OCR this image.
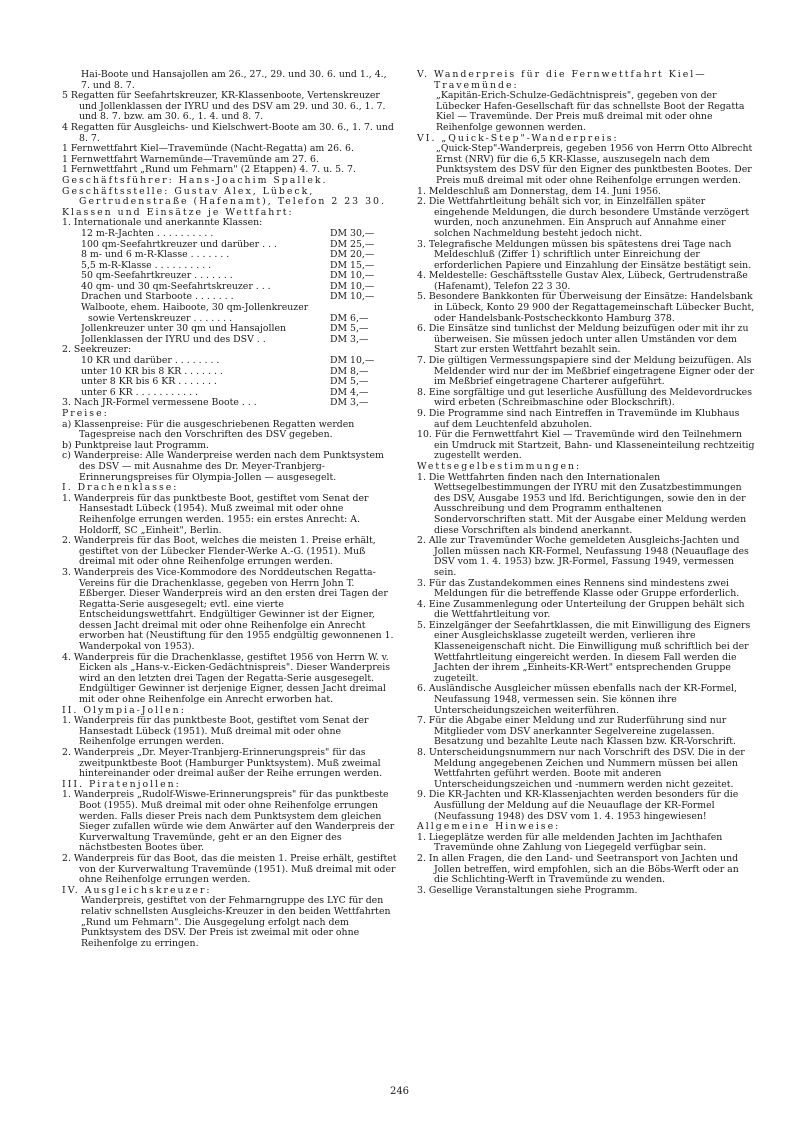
Hai-Boote und Hansajollen am 26., 27., 29. und 30. 6. und 1., 4., 7. und 8. 7.

5 Regatten für Seefahrtskreuzer, KR-Klassenboote, Vertenskreuzer und Jollenklassen der IYRU und des DSV am 29. und 30. 6., 1. 7. und 8. 7. bzw. am 30. 6., 1. 4. und 8. 7.

4 Regatten für Ausgleichs- und Kielschwert-Boote am 30. 6., 1. 7. und 8. 7.

1 Fernwettfahrt Kiel—Travemünde (Nacht-Regatta) am 26. 6.

1 Fernwettfahrt Warnemünde—Travemünde am 27. 6.

1 Fernwettfahrt „Rund um Fehmarn" (2 Etappen) 4. 7. u. 5. 7.

Geschäftsführer: Hans-Joachim Spallek.

Geschäftsstelle: Gustav Alex, Lübeck, Gertrudenstraße (Hafenamt), Telefon 2 23 30.

Klassen und Einsätze je Wettfahrt:

1. Internationale und anerkannte Klassen:

12 m-R-Jachten . . . . . . . . . .	DM 30,—
100 qm-Seefahrtkreuzer und darüber . . .	DM 25,—
8 m- und 6 m-R-Klasse . . . . . . .	DM 20,—
5,5 m-R-Klasse . . . . . . . . . .	DM 15,—
50 qm-Seefahrtkreuzer . . . . . . .	DM 10,—
40 qm- und 30 qm-Seefahrtskreuzer . . .	DM 10,—
Drachen und Starboote . . . . . . .	DM 10,—

Walboote, ehem. Haiboote, 30 qm-Jollenkreuzer

sowie Vertenskreuzer . . . . . . .	DM 6,—
Jollenkreuzer unter 30 qm und Hansajollen	DM 5,—
Jollenklassen der IYRU und des DSV . .	DM 3,—

2. Seekreuzer:

10 KR und darüber . . . . . . . .	DM 10,—
unter 10 KR bis 8 KR . . . . . . .	DM 8,—
unter 8 KR bis 6 KR . . . . . . .	DM 5,—
unter 6 KR . . . . . . . . . . .	DM 4,—
3. Nach JR-Formel vermessene Boote . . .	DM 3,—

Preise:

a) Klassenpreise: Für die ausgeschriebenen Regatten werden Tagespreise nach den Vorschriften des DSV gegeben.

b) Punktpreise laut Programm.

c) Wanderpreise: Alle Wanderpreise werden nach dem Punktsystem des DSV — mit Ausnahme des Dr. Meyer-Tranbjerg-Erinnerungspreises für Olympia-Jollen — ausgesegelt.

I. Drachenklasse:

1. Wanderpreis für das punktbeste Boot, gestiftet vom Senat der Hansestadt Lübeck (1954). Muß zweimal mit oder ohne Reihenfolge errungen werden. 1955: ein erstes Anrecht: A. Holdorff, SC „Einheit", Berlin.

2. Wanderpreis für das Boot, welches die meisten 1. Preise erhält, gestiftet von der Lübecker Flender-Werke A.-G. (1951). Muß dreimal mit oder ohne Reihenfolge errungen werden.

3. Wanderpreis des Vice-Kommodore des Norddeutschen Regatta-Vereins für die Drachenklasse, gegeben von Herrn John T. Eßberger. Dieser Wanderpreis wird an den ersten drei Tagen der Regatta-Serie ausgesegelt; evtl. eine vierte Entscheidungswettfahrt. Endgültiger Gewinner ist der Eigner, dessen Jacht dreimal mit oder ohne Reihenfolge ein Anrecht erworben hat (Neustiftung für den 1955 endgültig gewonnenen 1. Wanderpokal von 1953).

4. Wanderpreis für die Drachenklasse, gestiftet 1956 von Herrn W. v. Eicken als „Hans-v.-Eicken-Gedächtnispreis". Dieser Wanderpreis wird an den letzten drei Tagen der Regatta-Serie ausgesegelt. Endgültiger Gewinner ist derjenige Eigner, dessen Jacht dreimal mit oder ohne Reihenfolge ein Anrecht erworben hat.

II. Olympia-Jollen:

1. Wanderpreis für das punktbeste Boot, gestiftet vom Senat der Hansestadt Lübeck (1951). Muß dreimal mit oder ohne Reihenfolge errungen werden.

2. Wanderpreis „Dr. Meyer-Tranbjerg-Erinnerungspreis" für das zweitpunktbeste Boot (Hamburger Punktsystem). Muß zweimal hintereinander oder dreimal außer der Reihe errungen werden.

III. Piratenjollen:

1. Wanderpreis „Rudolf-Wiswe-Erinnerungspreis" für das punktbeste Boot (1955). Muß dreimal mit oder ohne Reihenfolge errungen werden. Falls dieser Preis nach dem Punktsystem dem gleichen Sieger zufallen würde wie dem Anwärter auf den Wanderpreis der Kurverwaltung Travemünde, geht er an den Eigner des nächstbesten Bootes über.

2. Wanderpreis für das Boot, das die meisten 1. Preise erhält, gestiftet von der Kurverwaltung Travemünde (1951). Muß dreimal mit oder ohne Reihenfolge errungen werden.

IV. Ausgleichskreuzer:

Wanderpreis, gestiftet von der Fehmarngruppe des LYC für den relativ schnellsten Ausgleichs-Kreuzer in den beiden Wettfahrten „Rund um Fehmarn". Die Ausgegelung erfolgt nach dem Punktsystem des DSV. Der Preis ist zweimal mit oder ohne Reihenfolge zu erringen.

V. Wanderpreis für die Fernwettfahrt Kiel—Travemünde:

„Kapitän-Erich-Schulze-Gedächtnispreis", gegeben von der Lübecker Hafen-Gesellschaft für das schnellste Boot der Regatta Kiel — Travemünde. Der Preis muß dreimal mit oder ohne Reihenfolge gewonnen werden.

VI. „Quick-Step"-Wanderpreis:

„Quick-Step"-Wanderpreis, gegeben 1956 von Herrn Otto Albrecht Ernst (NRV) für die 6,5 KR-Klasse, auszusegeln nach dem Punktsystem des DSV für den Eigner des punktbesten Bootes. Der Preis muß dreimal mit oder ohne Reihenfolge errungen werden.

1. Meldeschluß am Donnerstag, dem 14. Juni 1956.

2. Die Wettfahrtleitung behält sich vor, in Einzelfällen später eingehende Meldungen, die durch besondere Umstände verzögert wurden, noch anzunehmen. Ein Anspruch auf Annahme einer solchen Nachmeldung besteht jedoch nicht.

3. Telegrafische Meldungen müssen bis spätestens drei Tage nach Meldeschluß (Ziffer 1) schriftlich unter Einreichung der erforderlichen Papiere und Einzahlung der Einsätze bestätigt sein.

4. Meldestelle: Geschäftsstelle Gustav Alex, Lübeck, Gertrudenstraße (Hafenamt), Telefon 22 3 30.

5. Besondere Bankkonten für Überweisung der Einsätze: Handelsbank in Lübeck, Konto 29 900 der Regattagemeinschaft Lübecker Bucht, oder Handelsbank-Postscheckkonto Hamburg 378.

6. Die Einsätze sind tunlichst der Meldung beizufügen oder mit ihr zu überweisen. Sie müssen jedoch unter allen Umständen vor dem Start zur ersten Wettfahrt bezahlt sein.

7. Die gültigen Vermessungspapiere sind der Meldung beizufügen. Als Meldender wird nur der im Meßbrief eingetragene Eigner oder der im Meßbrief eingetragene Charterer aufgeführt.

8. Eine sorgfältige und gut leserliche Ausfüllung des Meldevordruckes wird erbeten (Schreibmaschine oder Blockschrift).

9. Die Programme sind nach Eintreffen in Travemünde im Klubhaus auf dem Leuchtenfeld abzuholen.

10. Für die Fernwettfahrt Kiel — Travemünde wird den Teilnehmern ein Umdruck mit Startzeit, Bahn- und Klasseneinteilung rechtzeitig zugestellt werden.

Wettsegelbestimmungen:

1. Die Wettfahrten finden nach den Internationalen Wettsegelbestimmungen der IYRU mit den Zusatzbestimmungen des DSV, Ausgabe 1953 und lfd. Berichtigungen, sowie den in der Ausschreibung und dem Programm enthaltenen Sondervorschriften statt. Mit der Ausgabe einer Meldung werden diese Vorschriften als bindend anerkannt.

2. Alle zur Travemünder Woche gemeldeten Ausgleichs-Jachten und Jollen müssen nach KR-Formel, Neufassung 1948 (Neuauflage des DSV vom 1. 4. 1953) bzw. JR-Formel, Fassung 1949, vermessen sein.

3. Für das Zustandekommen eines Rennens sind mindestens zwei Meldungen für die betreffende Klasse oder Gruppe erforderlich.

4. Eine Zusammenlegung oder Unterteilung der Gruppen behält sich die Wettfahrtleitung vor.

5. Einzelgänger der Seefahrtklassen, die mit Einwilligung des Eigners einer Ausgleichsklasse zugeteilt werden, verlieren ihre Klasseneigenschaft nicht. Die Einwilligung muß schriftlich bei der Wettfahrtleitung eingereicht werden. In diesem Fall werden die Jachten der ihrem „Einheits-KR-Wert" entsprechenden Gruppe zugeteilt.

6. Ausländische Ausgleicher müssen ebenfalls nach der KR-Formel, Neufassung 1948, vermessen sein. Sie können ihre Unterscheidungszeichen weiterführen.

7. Für die Abgabe einer Meldung und zur Ruderführung sind nur Mitglieder vom DSV anerkannter Segelvereine zugelassen. Besatzung und bezahlte Leute nach Klassen bzw. KR-Vorschrift.

8. Unterscheidungsnummern nur nach Vorschrift des DSV. Die in der Meldung angegebenen Zeichen und Nummern müssen bei allen Wettfahrten geführt werden. Boote mit anderen Unterscheidungszeichen und -nummern werden nicht gezeitet.

9. Die KR-Jachten und KR-Klassenjachten werden besonders für die Ausfüllung der Meldung auf die Neuauflage der KR-Formel (Neufassung 1948) des DSV vom 1. 4. 1953 hingewiesen!

Allgemeine Hinweise:

1. Liegeplätze werden für alle meldenden Jachten im Jachthafen Travemünde ohne Zahlung von Liegegeld verfügbar sein.

2. In allen Fragen, die den Land- und Seetransport von Jachten und Jollen betreffen, wird empfohlen, sich an die Böbs-Werft oder an die Schlichting-Werft in Travemünde zu wenden.

3. Gesellige Veranstaltungen siehe Programm.

246
